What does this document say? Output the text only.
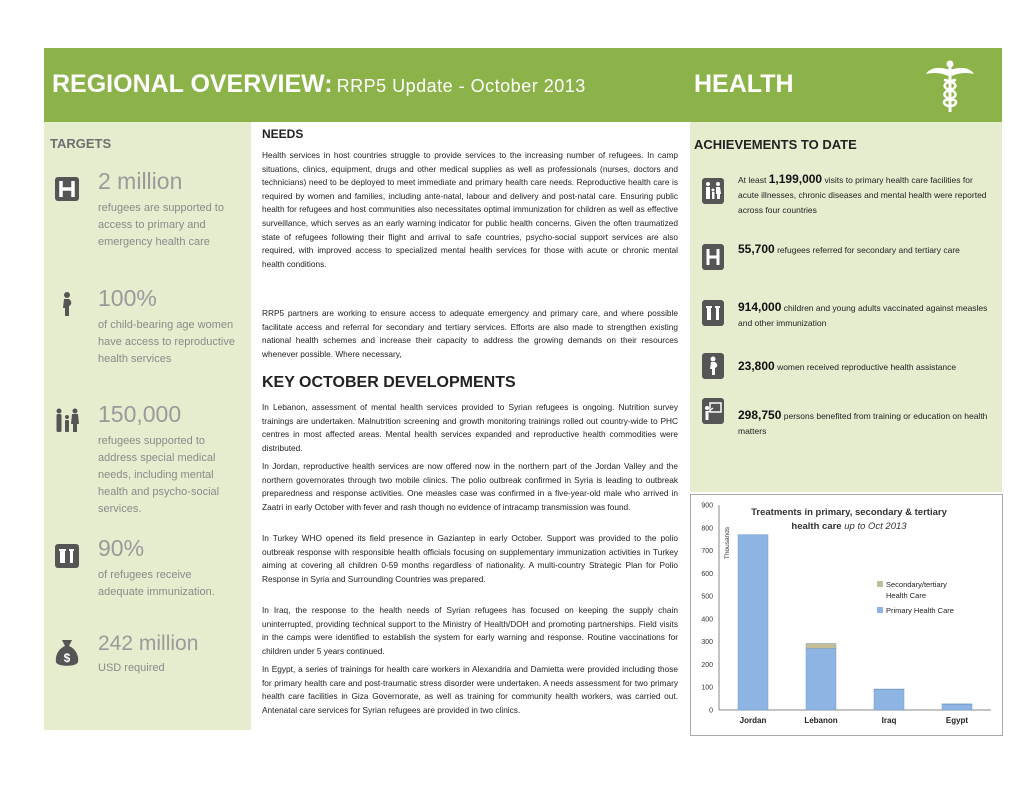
REGIONAL OVERVIEW: RRP5 Update - October 2013	HEALTH
TARGETS
2 million
refugees are supported to access to primary and emergency health care
100%
of child-bearing age women have access to reproductive health services
150,000
refugees supported to address special medical needs, including mental health and psycho-social services.
90%
of refugees receive adequate immunization.
$
242 million
USD required
NEEDS

Health services in host countries struggle to provide services to the increasing number of refugees. In camp situations, clinics, equipment, drugs and other medical supplies as well as professionals (nurses, doctors and technicians) need to be deployed to meet immediate and primary health care needs. Reproductive health care is required by women and families, including ante-natal, labour and delivery and post-natal care. Ensuring public health for refugees and host communities also necessitates optimal immunization for children as well as effective surveillance, which serves as an early warning indicator for public health concerns. Given the often traumatized state of refugees following their flight and arrival to safe countries, psycho-social support services are also required, with improved access to specialized mental health services for those with acute or chronic mental health conditions.

RRP5 partners are working to ensure access to adequate emergency and primary care, and where possible facilitate access and referral for secondary and tertiary services. Efforts are also made to strengthen existing national health schemes and increase their capacity to address the growing demands on their resources whenever possible. Where necessary,

KEY OCTOBER DEVELOPMENTS

In Lebanon, assessment of mental health services provided to Syrian refugees is ongoing. Nutrition survey trainings are undertaken. Malnutrition screening and growth monitoring trainings rolled out country-wide to PHC centres in most affected areas. Mental health services expanded and reproductive health commodities were distributed.

In Jordan, reproductive health services are now offered now in the northern part of the Jordan Valley and the northern governorates through two mobile clinics. The polio outbreak confirmed in Syria is leading to outbreak preparedness and response activities. One measles case was confirmed in a five-year-old male who arrived in Zaatri in early October with fever and rash though no evidence of intracamp transmission was found.

In Turkey WHO opened its field presence in Gaziantep in early October. Support was provided to the polio outbreak response with responsible health officials focusing on supplementary immunization activities in Turkey aiming at covering all children 0-59 months regardless of nationality. A multi-country Strategic Plan for Polio Response in Syria and Surrounding Countries was prepared.

In Iraq, the response to the health needs of Syrian refugees has focused on keeping the supply chain uninterrupted, providing technical support to the Ministry of Health/DOH and promoting partnerships. Field visits in the camps were identified to establish the system for early warning and response. Routine vaccinations for children under 5 years continued.

In Egypt, a series of trainings for health care workers in Alexandria and Damietta were provided including those for primary health care and post-traumatic stress disorder were undertaken. A needs assessment for two primary health care facilities in Giza Governorate, as well as training for community health workers, was carried out. Antenatal care services for Syrian refugees are provided in two clinics.

ACHIEVEMENTS TO DATE
At least 1,199,000 visits to primary health care facilities for acute illnesses, chronic diseases and mental health were reported across four countries
55,700 refugees referred for secondary and tertiary care
914,000 children and young adults vaccinated against measles and other immunization
23,800 women received reproductive health assistance
298,750 persons benefited from training or education on health matters
Treatments in primary, secondary & tertiary
health care up to Oct 2013
Thousands
0
100
200
300
400
500
600
700
800
900
Jordan	Lebanon	Iraq	Egypt
Secondary/tertiary
Health Care
Primary Health Care
